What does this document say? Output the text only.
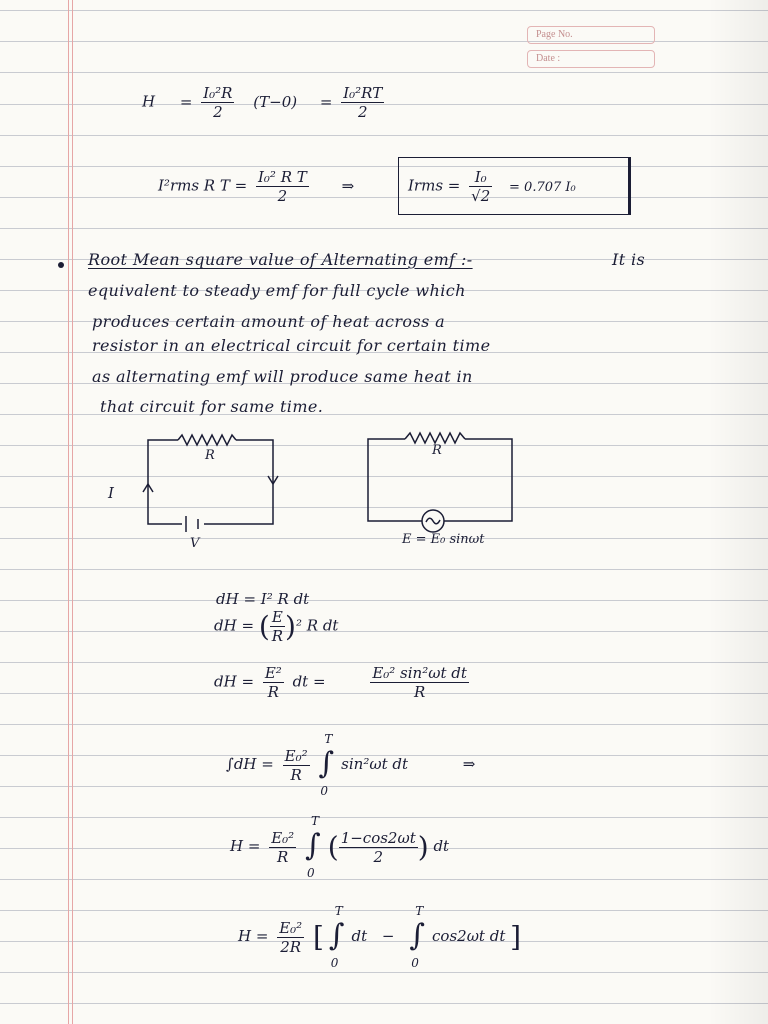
Page No.
Date :
$H = \frac{\text{I₀²R}}{2} (T-0) = \frac{\text{I₀²RT}}{2}$
I²rms R $T = \frac{\text{I₀² R T}}{2}$ ⇒	Irms = $\frac{\text{I₀}}{√2} = 0.707$ I₀
Root Mean square value of Alternating emf :-	It is
equivalent to steady emf for full cycle which
produces certain amount of heat across a
resistor in an electrical circuit for certain time
as alternating emf will produce same heat in
that circuit for same time.
R
I
V
R
E = E₀ sinωt
dH = I² R dt
dH = ( $\frac{E}{R} )^2$ R dt
dH = $\frac{\text{E²}}{R}$ dt =	$\frac{\text{E₀² sin²ωt dt}}{R}$
$\int dH = \frac{\text{E₀²}}{R}$

T
∫
0
sin²ωt dt	⇒
$H = \frac{\text{E₀²}}{R}$

T
∫
0
( $\frac{1-\cos 2\omega t}{2}$ ) dt
$H = \frac{\text{E₀²}}{2R}$ [
T
∫
0
dt −
T
∫
0
cos2ωt dt ]
